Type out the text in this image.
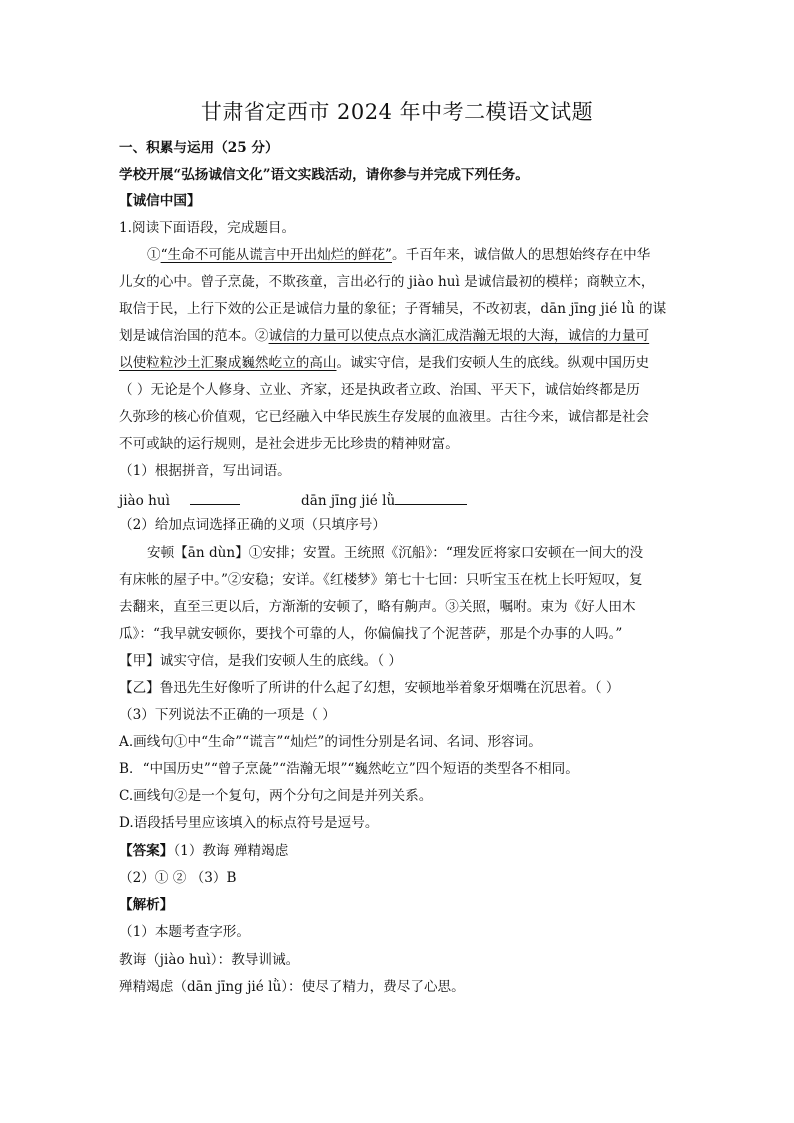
甘肃省定西市 2024 年中考二模语文试题
一、积累与运用（25 分）
学校开展“弘扬诚信文化”语文实践活动，请你参与并完成下列任务。
【诚信中国】
1.阅读下面语段，完成题目。
①“生命不可能从谎言中开出灿烂的鲜花”。千百年来，诚信做人的思想始终存在中华
儿女的心中。曾子烹彘，不欺孩童，言出必行的 jiào huì 是诚信最初的模样；商鞅立木，
取信于民，上行下效的公正是诚信力量的象征；子胥辅吴，不改初衷，dān jīng jié lǜ 的谋
划是诚信治国的范本。②诚信的力量可以使点点水滴汇成浩瀚无垠的大海，诚信的力量可
以使粒粒沙土汇聚成巍然屹立的高山。诚实守信，是我们安顿人生的底线。纵观中国历史
（ ）无论是个人修身、立业、齐家，还是执政者立政、治国、平天下，诚信始终都是历
久弥珍的核心价值观，它已经融入中华民族生存发展的血液里。古往今来，诚信都是社会
不可或缺的运行规则，是社会进步无比珍贵的精神财富。
（1）根据拼音，写出词语。
jiào huì	dān jīng jié lǜ
（2）给加点词选择正确的义项（只填序号）
安顿【ān dùn】①安排；安置。王统照《沉船》：“理发匠将家口安顿在一间大的没
有床帐的屋子中。”②安稳；安详。《红楼梦》第七十七回：只听宝玉在枕上长吁短叹，复
去翻来，直至三更以后，方渐渐的安顿了，略有齁声。③关照，嘱咐。束为《好人田木
瓜》：“我早就安顿你，要找个可靠的人，你偏偏找了个泥菩萨，那是个办事的人吗。”
【甲】诚实守信，是我们安顿人生的底线。（ ）
【乙】鲁迅先生好像听了所讲的什么起了幻想，安顿地举着象牙烟嘴在沉思着。（ ）
（3）下列说法不正确的一项是（ ）
A.画线句①中“生命”“谎言”“灿烂”的词性分别是名词、名词、形容词。
B．“中国历史”“曾子烹彘”“浩瀚无垠”“巍然屹立”四个短语的类型各不相同。
C.画线句②是一个复句，两个分句之间是并列关系。
D.语段括号里应该填入的标点符号是逗号。
【答案】（1）教诲 殚精竭虑
（2）① ② （3）B
【解析】
（1）本题考查字形。
教诲（jiào huì）：教导训诫。
殚精竭虑（dān jīng jié lǜ）：使尽了精力，费尽了心思。
